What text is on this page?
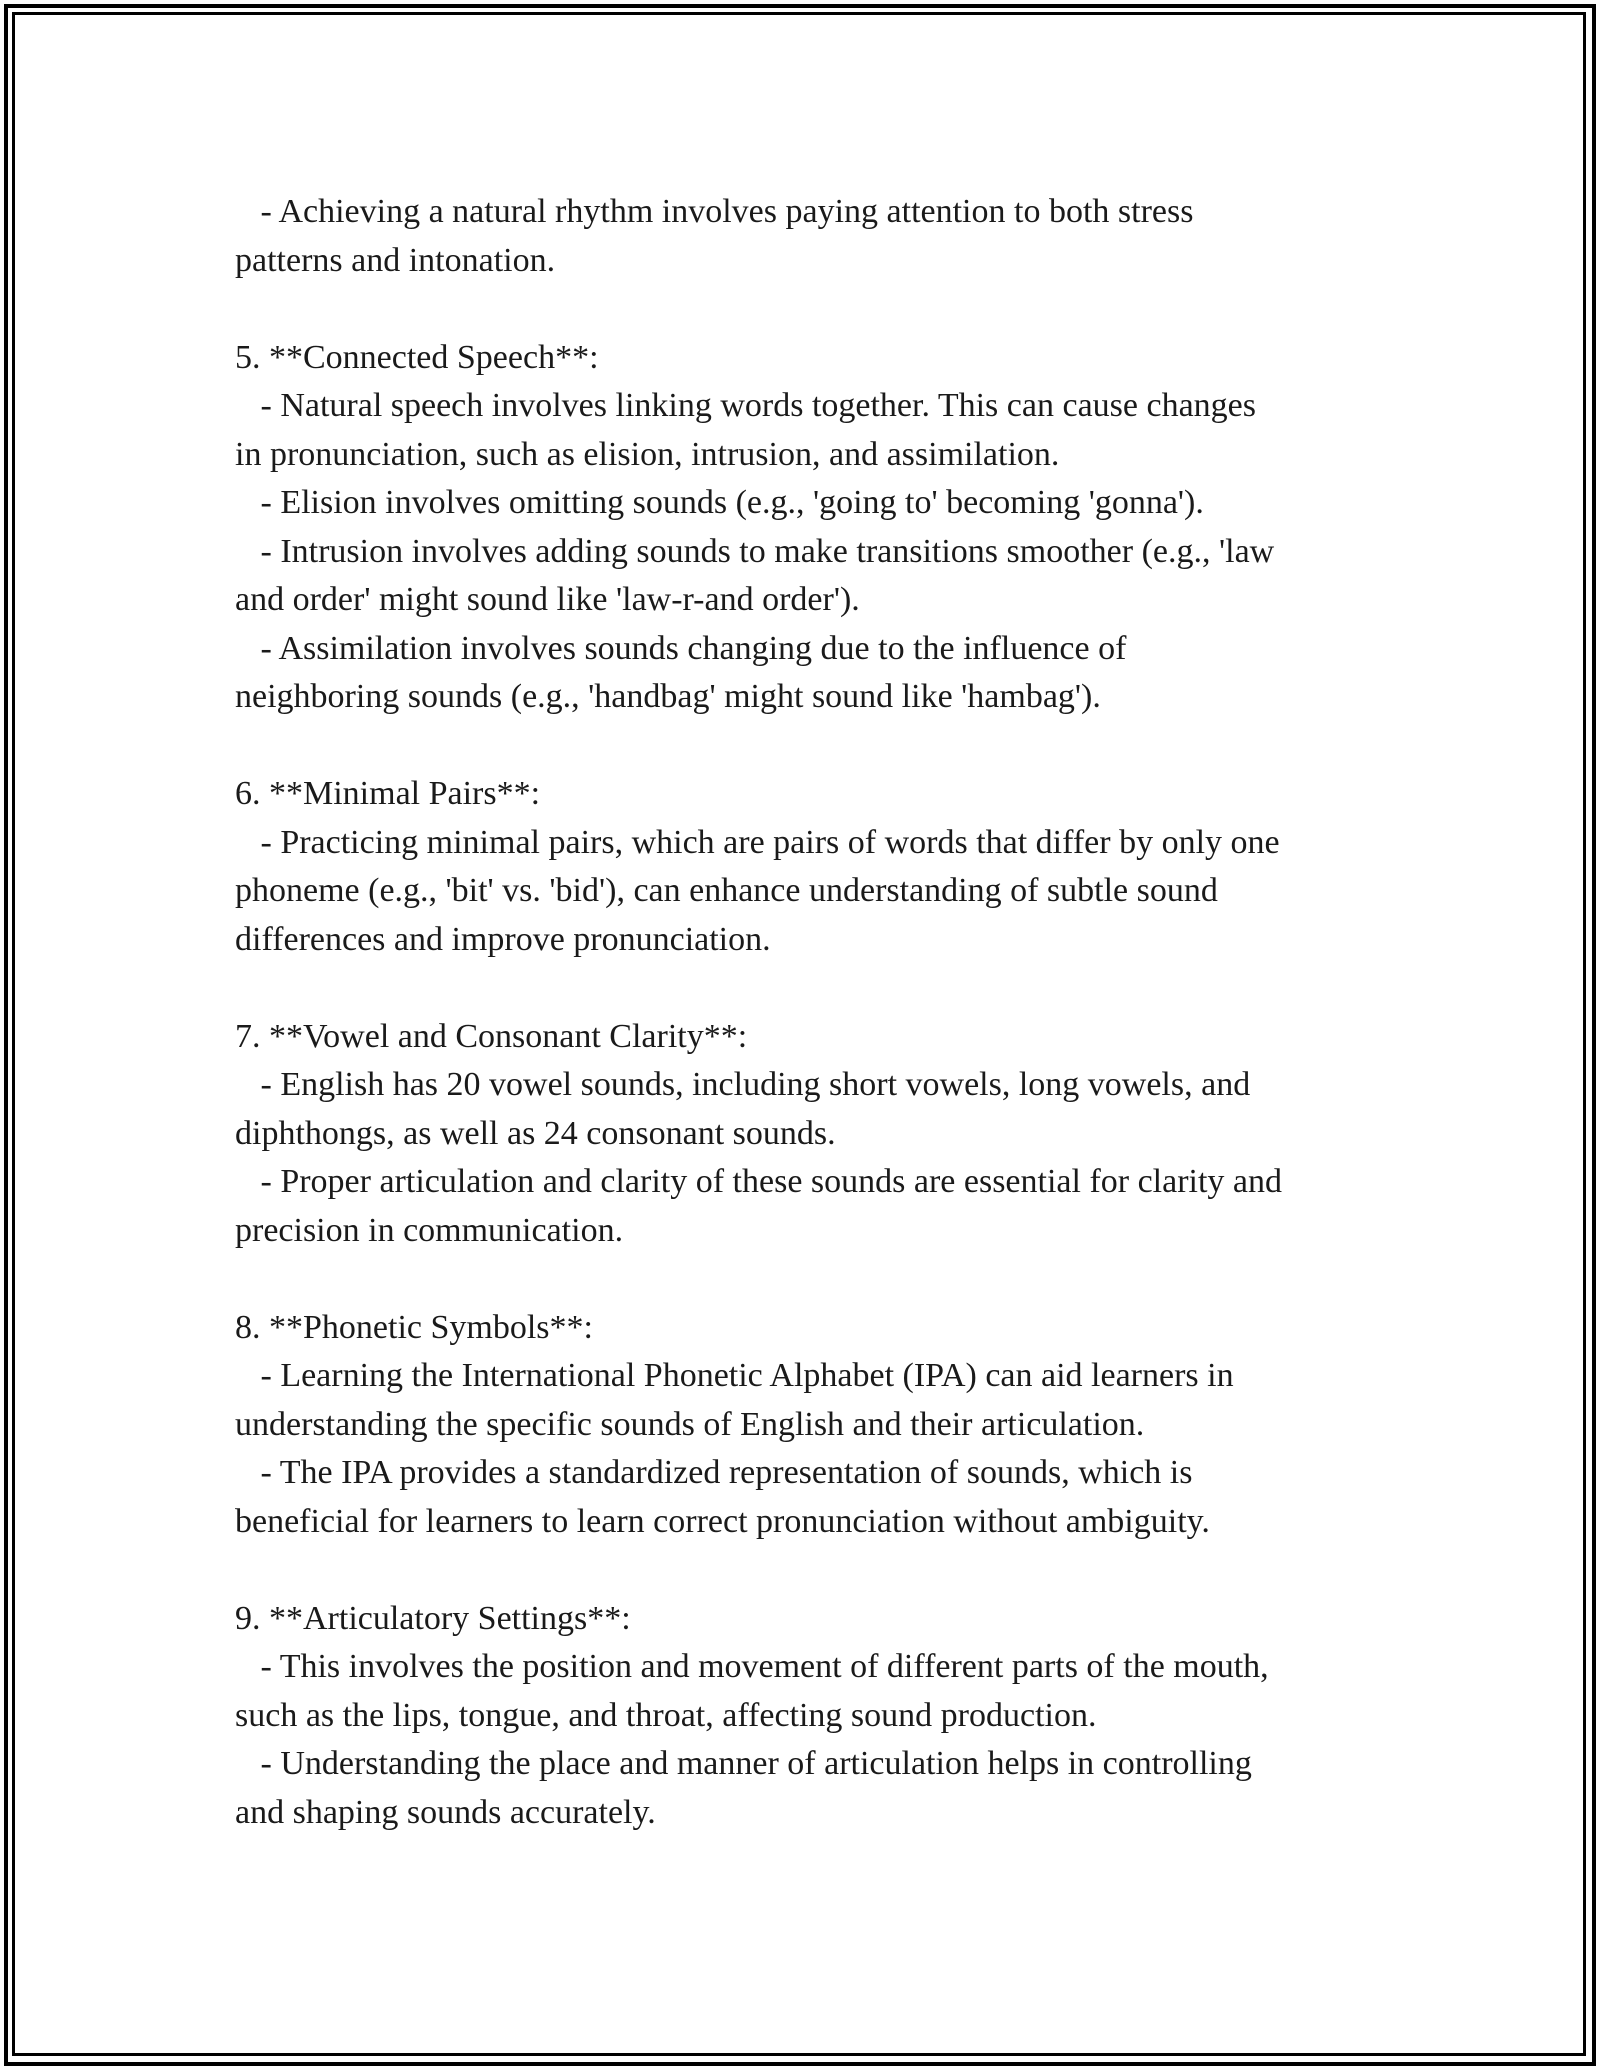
- Achieving a natural rhythm involves paying attention to both stress
patterns and intonation.
5. **Connected Speech**:
- Natural speech involves linking words together. This can cause changes
in pronunciation, such as elision, intrusion, and assimilation.
- Elision involves omitting sounds (e.g., 'going to' becoming 'gonna').
- Intrusion involves adding sounds to make transitions smoother (e.g., 'law
and order' might sound like 'law-r-and order').
- Assimilation involves sounds changing due to the influence of
neighboring sounds (e.g., 'handbag' might sound like 'hambag').
6. **Minimal Pairs**:
- Practicing minimal pairs, which are pairs of words that differ by only one
phoneme (e.g., 'bit' vs. 'bid'), can enhance understanding of subtle sound
differences and improve pronunciation.
7. **Vowel and Consonant Clarity**:
- English has 20 vowel sounds, including short vowels, long vowels, and
diphthongs, as well as 24 consonant sounds.
- Proper articulation and clarity of these sounds are essential for clarity and
precision in communication.
8. **Phonetic Symbols**:
- Learning the International Phonetic Alphabet (IPA) can aid learners in
understanding the specific sounds of English and their articulation.
- The IPA provides a standardized representation of sounds, which is
beneficial for learners to learn correct pronunciation without ambiguity.
9. **Articulatory Settings**:
- This involves the position and movement of different parts of the mouth,
such as the lips, tongue, and throat, affecting sound production.
- Understanding the place and manner of articulation helps in controlling
and shaping sounds accurately.
